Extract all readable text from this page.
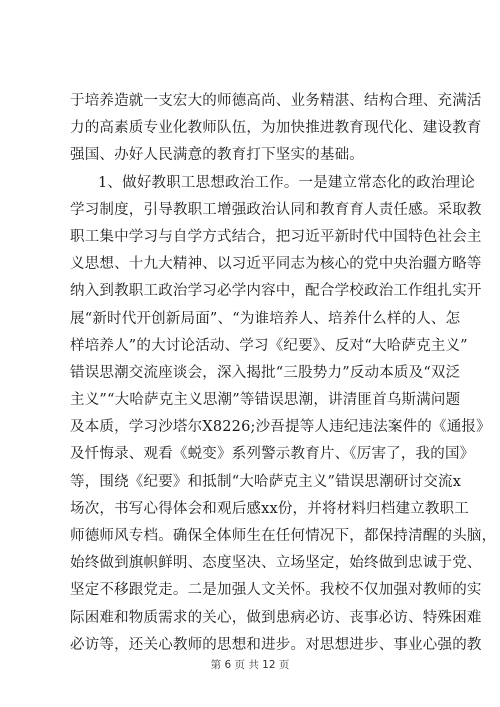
于培养造就一支宏大的师德高尚、业务精湛、结构合理、充满活
力的高素质专业化教师队伍，为加快推进教育现代化、建设教育
强国、办好人民满意的教育打下坚实的基础。
1、做好教职工思想政治工作。一是建立常态化的政治理论
学习制度，引导教职工增强政治认同和教育育人责任感。采取教
职工集中学习与自学方式结合，把习近平新时代中国特色社会主
义思想、十九大精神、以习近平同志为核心的党中央治疆方略等
纳入到教职工政治学习必学内容中，配合学校政治工作组扎实开
展“新时代开创新局面”、“为谁培养人、培养什么样的人、怎
样培养人”的大讨论活动、学习《纪要》、反对“大哈萨克主义”
错误思潮交流座谈会，深入揭批“三股势力”反动本质及“双泛
主义”“大哈萨克主义思潮”等错误思潮，讲清匪首乌斯满问题
及本质，学习沙塔尔X8226;沙吾提等人违纪违法案件的《通报》
及忏悔录、观看《蜕变》系列警示教育片、《厉害了，我的国》
等，围绕《纪要》和抵制“大哈萨克主义”错误思潮研讨交流x
场次，书写心得体会和观后感xx份，并将材料归档建立教职工
师德师风专档。确保全体师生在任何情况下，都保持清醒的头脑，
始终做到旗帜鲜明、态度坚决、立场坚定，始终做到忠诚于党、
坚定不移跟党走。二是加强人文关怀。我校不仅加强对教师的实
际困难和物质需求的关心，做到患病必访、丧事必访、特殊困难
必访等，还关心教师的思想和进步。对思想进步、事业心强的教
第 6 页 共 12 页
